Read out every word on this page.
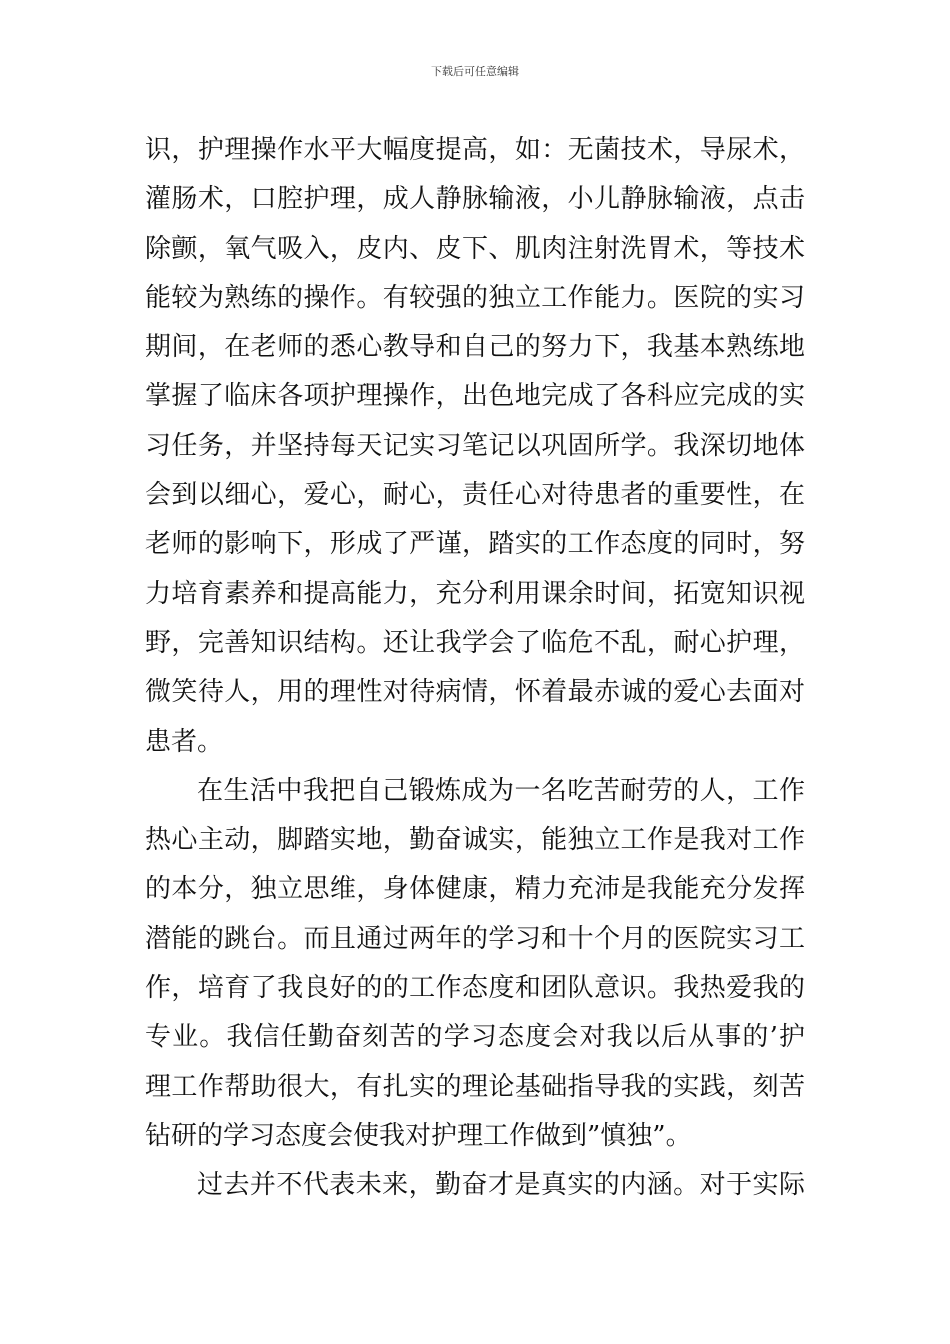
下载后可任意编辑
识，护理操作水平大幅度提高，如：无菌技术，导尿术，
灌肠术，口腔护理，成人静脉输液，小儿静脉输液，点击
除颤，氧气吸入，皮内、皮下、肌肉注射洗胃术，等技术
能较为熟练的操作。有较强的独立工作能力。医院的实习
期间，在老师的悉心教导和自己的努力下，我基本熟练地
掌握了临床各项护理操作，出色地完成了各科应完成的实
习任务，并坚持每天记实习笔记以巩固所学。我深切地体
会到以细心，爱心，耐心，责任心对待患者的重要性，在
老师的影响下，形成了严谨，踏实的工作态度的同时，努
力培育素养和提高能力，充分利用课余时间，拓宽知识视
野，完善知识结构。还让我学会了临危不乱，耐心护理，
微笑待人，用的理性对待病情，怀着最赤诚的爱心去面对
患者。
在生活中我把自己锻炼成为一名吃苦耐劳的人，工作
热心主动，脚踏实地，勤奋诚实，能独立工作是我对工作
的本分，独立思维，身体健康，精力充沛是我能充分发挥
潜能的跳台。而且通过两年的学习和十个月的医院实习工
作，培育了我良好的的工作态度和团队意识。我热爱我的
专业。我信任勤奋刻苦的学习态度会对我以后从事的’护
理工作帮助很大，有扎实的理论基础指导我的实践，刻苦
钻研的学习态度会使我对护理工作做到”慎独”。
过去并不代表未来，勤奋才是真实的内涵。对于实际
